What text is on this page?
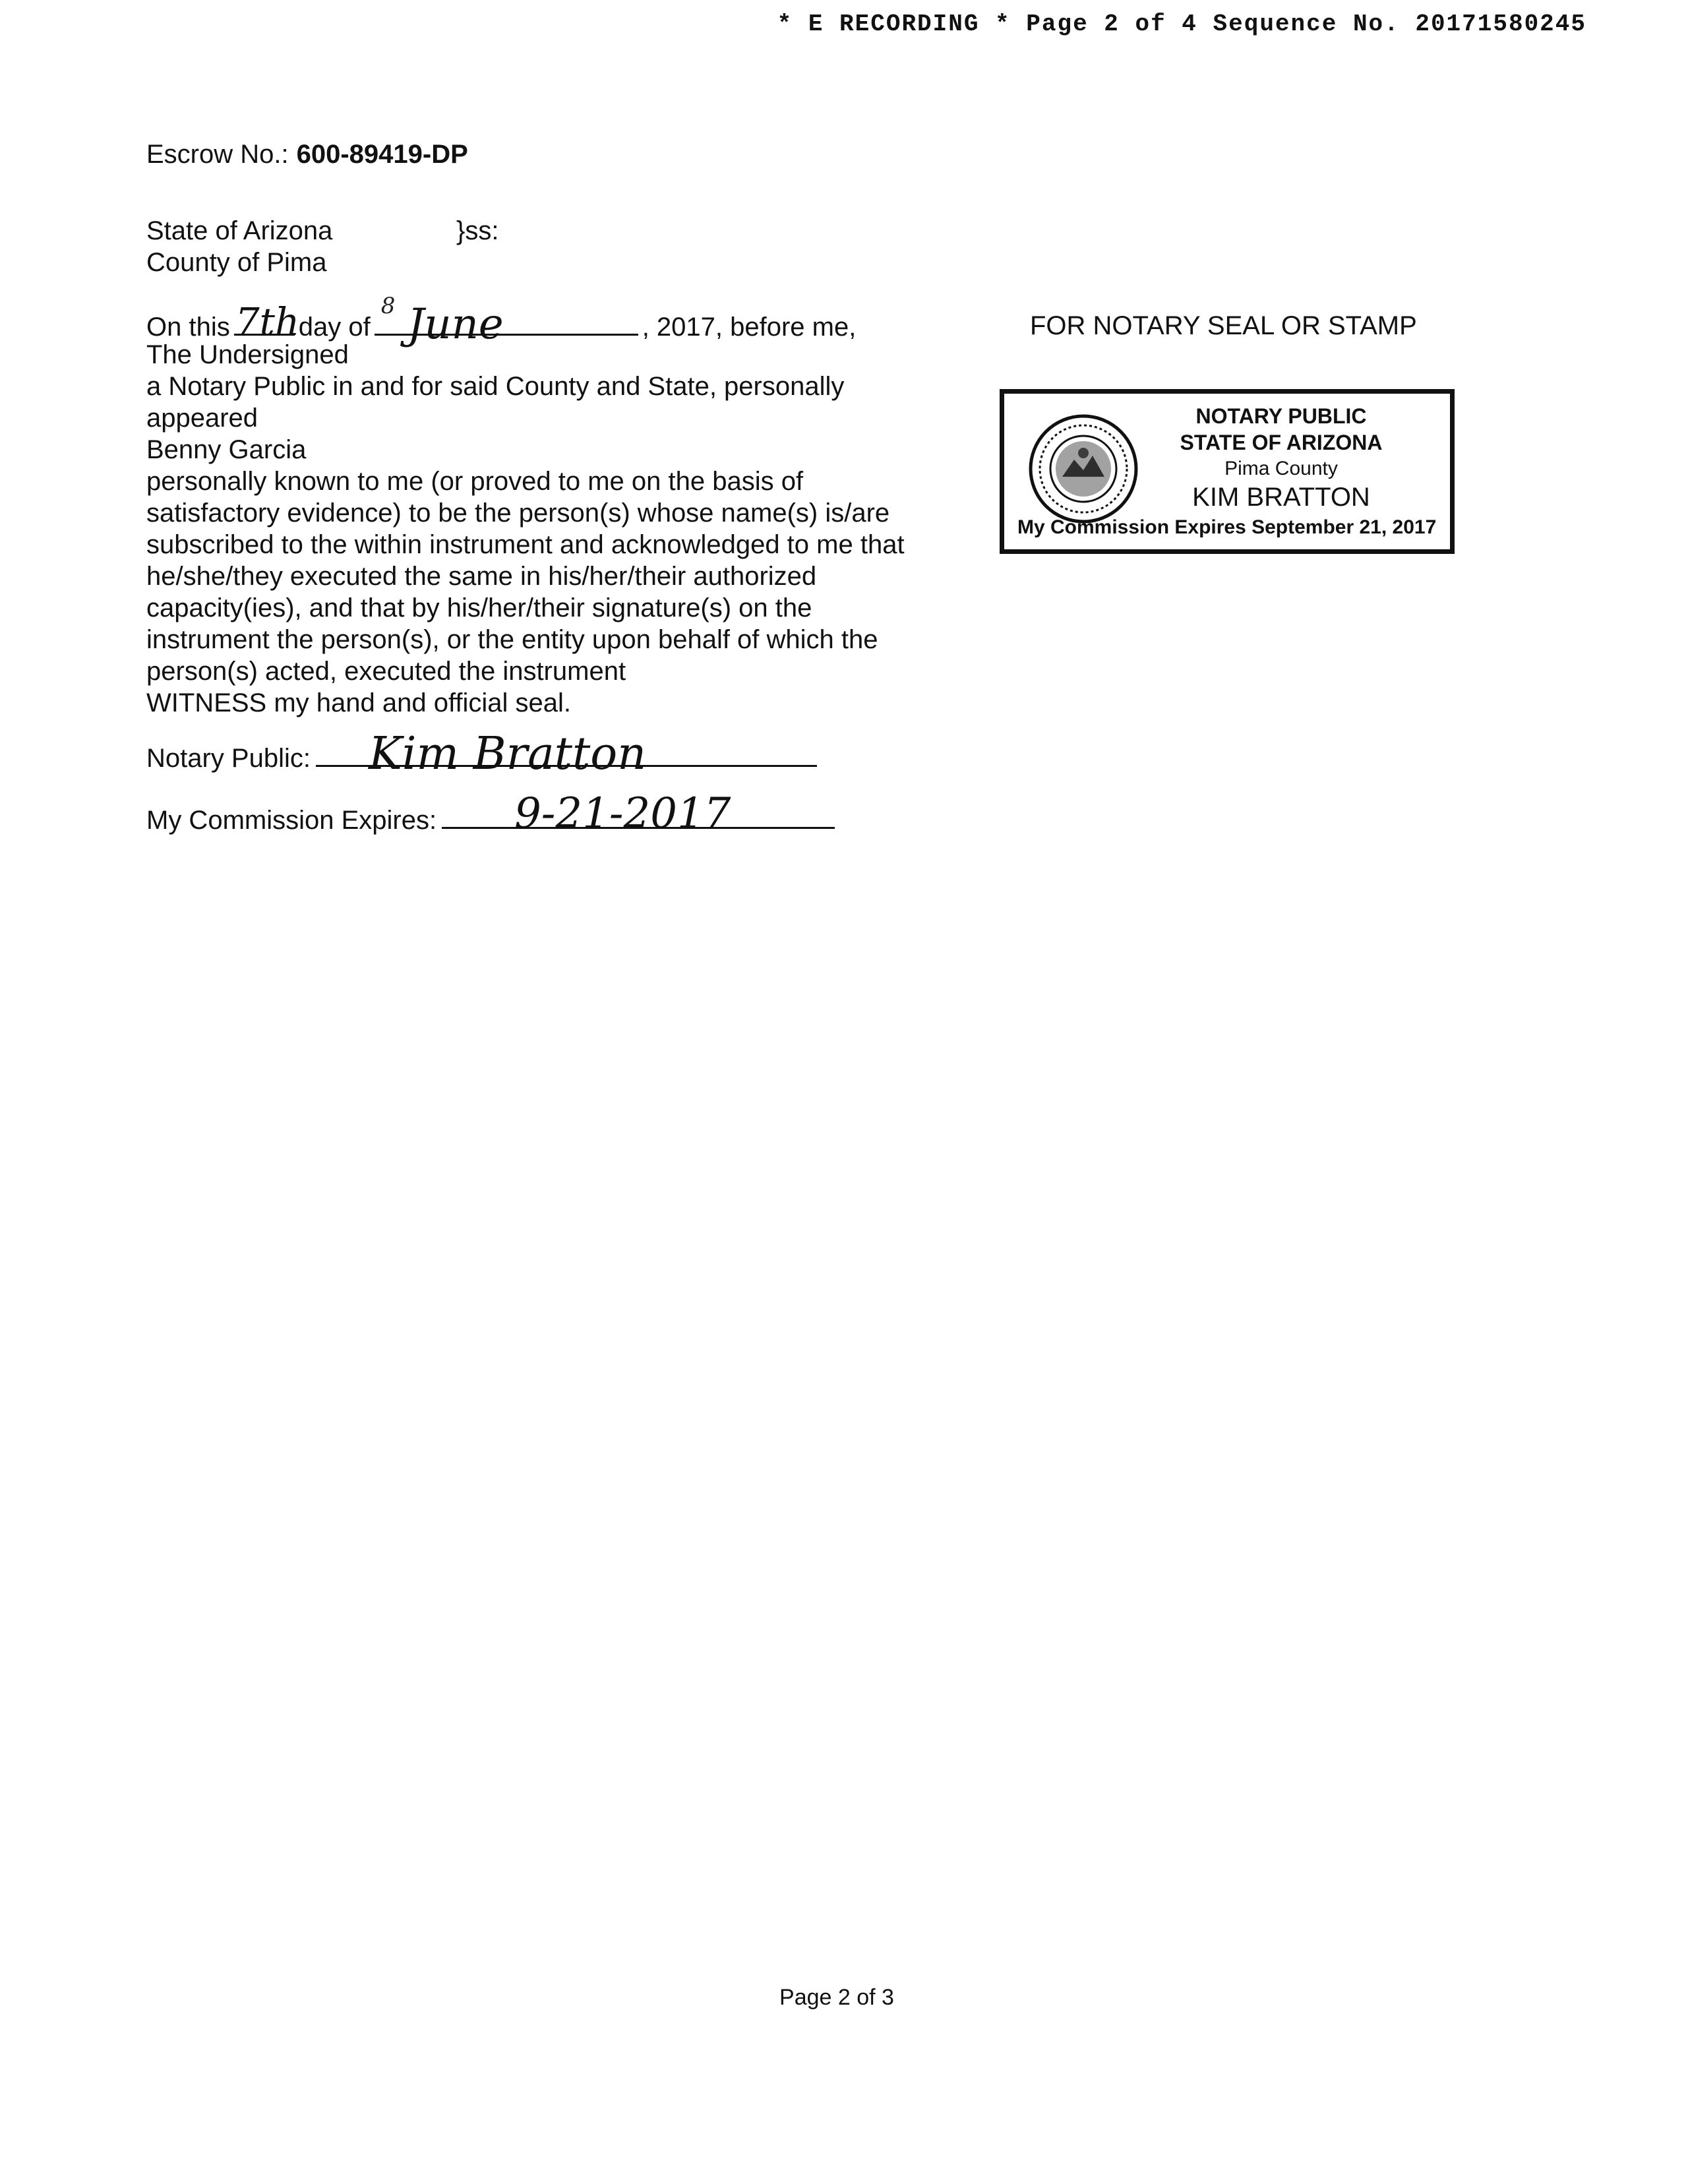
* E RECORDING * Page 2 of 4 Sequence No. 20171580245
Escrow No.: 600-89419-DP
State of Arizona	}ss:
County of Pima
On this 7th
day of
8 June	, 2017, before me,

The Undersigned

a Notary Public in and for said County and State, personally

appeared

Benny Garcia

personally known to me (or proved to me on the basis of

satisfactory evidence) to be the person(s) whose name(s) is/are

subscribed to the within instrument and acknowledged to me that

he/she/they executed the same in his/her/their authorized

capacity(ies), and that by his/her/their signature(s) on the

instrument the person(s), or the entity upon behalf of which the

person(s) acted, executed the instrument

WITNESS my hand and official seal.

Notary Public: Kim Bratton
My Commission Expires: 9-21-2017
FOR NOTARY SEAL OR STAMP
NOTARY PUBLIC
STATE OF ARIZONA
Pima County
KIM BRATTON
My Commission Expires September 21, 2017
Page 2 of 3
